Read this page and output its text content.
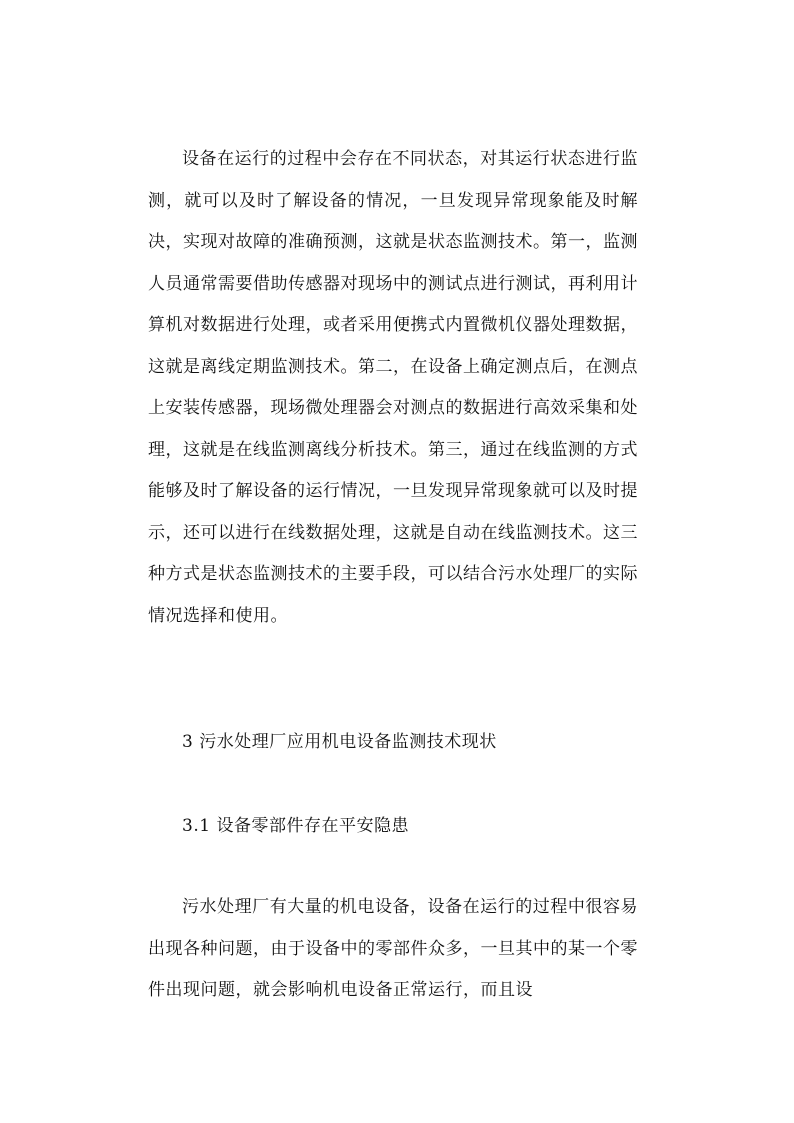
设备在运行的过程中会存在不同状态，对其运行状态进行监测，就可以及时了解设备的情况，一旦发现异常现象能及时解决，实现对故障的准确预测，这就是状态监测技术。第一，监测人员通常需要借助传感器对现场中的测试点进行测试，再利用计算机对数据进行处理，或者采用便携式内置微机仪器处理数据，这就是离线定期监测技术。第二，在设备上确定测点后，在测点上安装传感器，现场微处理器会对测点的数据进行高效采集和处理，这就是在线监测离线分析技术。第三，通过在线监测的方式能够及时了解设备的运行情况，一旦发现异常现象就可以及时提示，还可以进行在线数据处理，这就是自动在线监测技术。这三种方式是状态监测技术的主要手段，可以结合污水处理厂的实际情况选择和使用。

3 污水处理厂应用机电设备监测技术现状

3.1 设备零部件存在平安隐患

污水处理厂有大量的机电设备，设备在运行的过程中很容易出现各种问题，由于设备中的零部件众多，一旦其中的某一个零件出现问题，就会影响机电设备正常运行，而且设
